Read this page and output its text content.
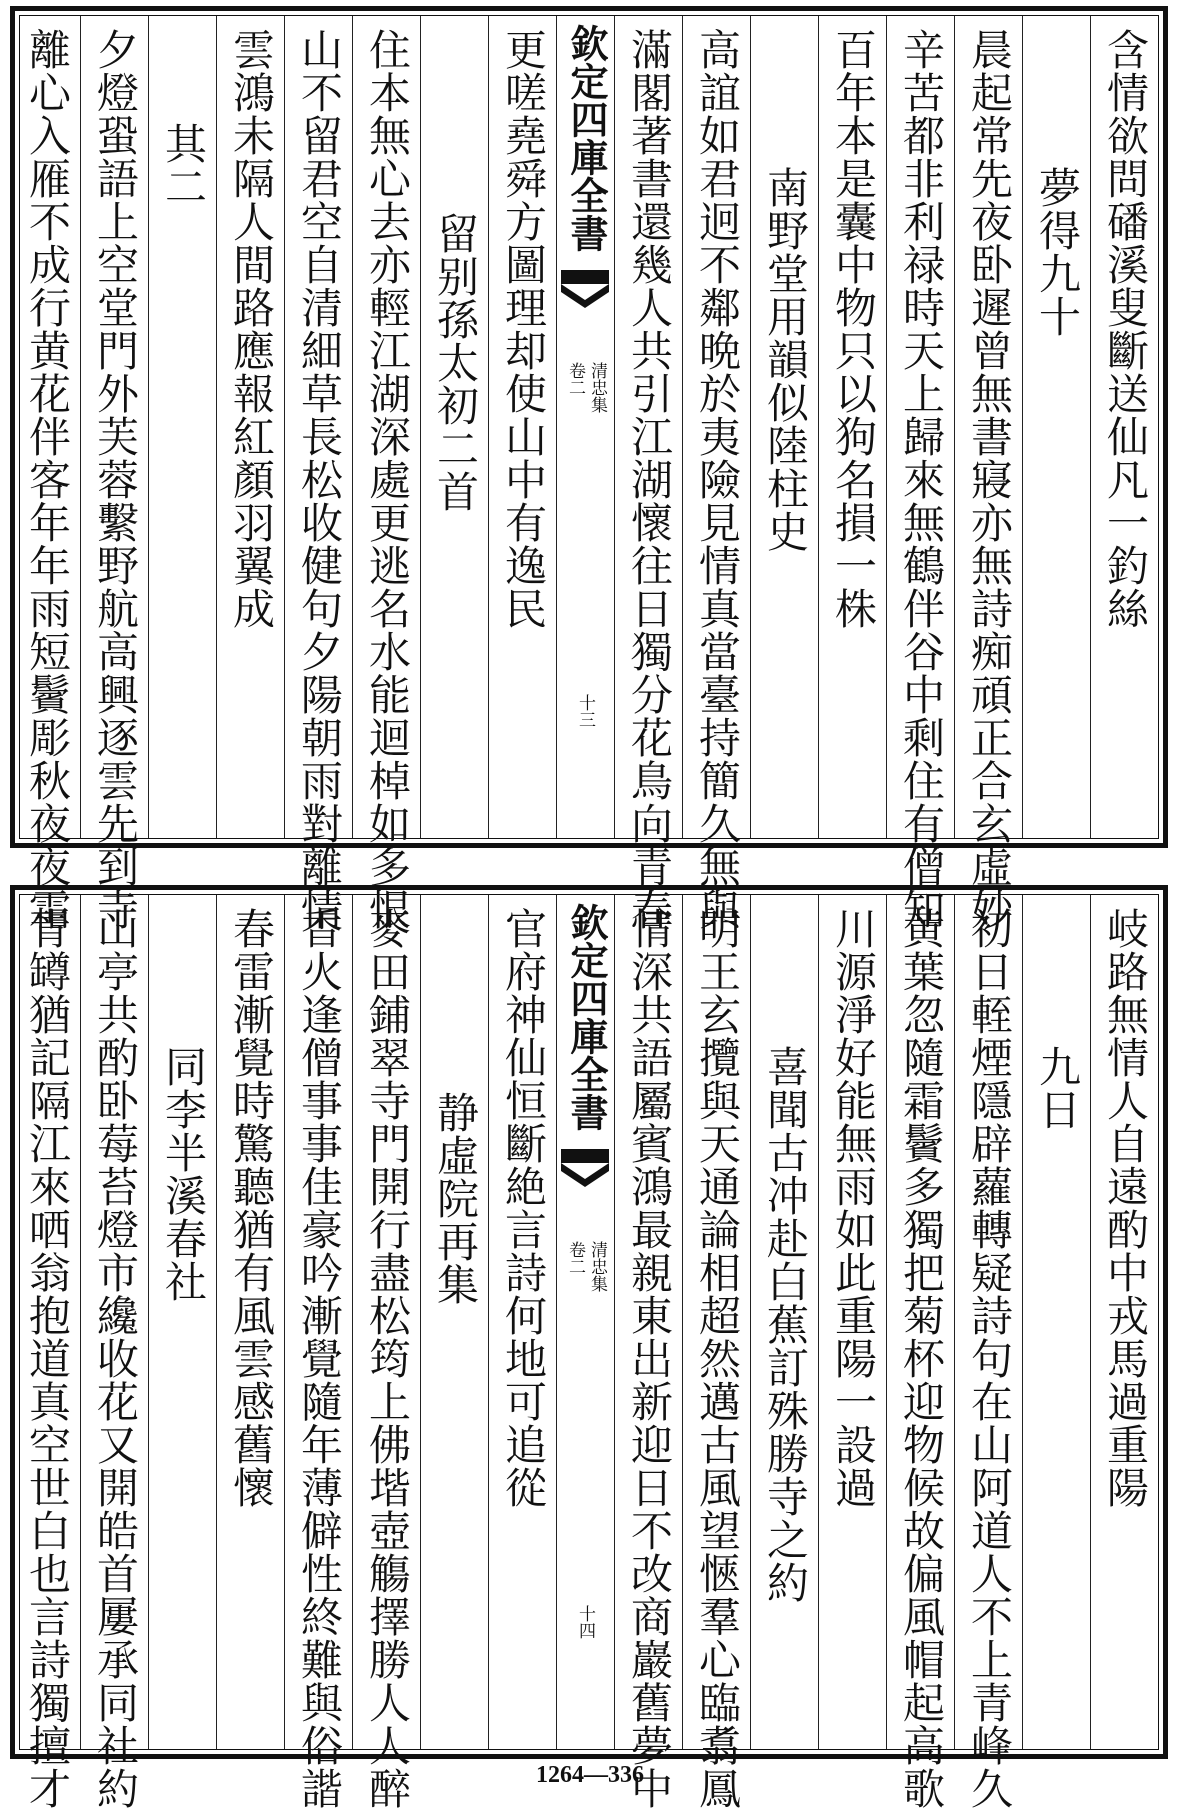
含情欲問磻溪叟斷送仙凡一釣絲
夢得九十
晨起常先夜卧遲曾無書寢亦無詩痴頑正合玄虛妙
辛苦都非利禄時天上歸來無鶴伴谷中剩住有僧知
百年本是囊中物只以狗名損一株
南野堂用韻似陸柱史
高誼如君迥不鄰晩於夷險見情真當臺持簡久無與
滿閣著書還幾人共引江湖懷往日獨分花鳥向青春
欽定四庫全書
清忠集
卷二
十三
更嗟堯舜方圖理却使山中有逸民
留别孫太初二首
住本無心去亦輕江湖深處更逃名水能迴棹如多恨
山不留君空自清細草長松收健句夕陽朝雨對離情
雲鴻未隔人間路應報紅顏羽翼成
其二
夕燈蛩語上空堂門外芙蓉繫野航高興逐雲先到寺
離心入雁不成行黄花伴客年年雨短鬢彫秋夜夜霜
岐路無情人自遠酌中戎馬過重陽
九日
初日輊煙隱辟蘿轉疑詩句在山阿道人不上青峰久
黄葉忽隨霜鬢多獨把菊杯迎物候故偏風帽起高歌
川源淨好能無雨如此重陽一設過
喜聞古冲赴白蕉訂殊勝寺之約
明王玄攬與天通論相超然邁古風望愜羣心臨翥鳳
情深共語屬賓鴻最親東出新迎日不改商巖舊夢中
欽定四庫全書
清忠集
卷二
十四
官府神仙恒斷絶言詩何地可追從
静虛院再集
麥田鋪翠寺門開行盡松筠上佛堦壺觴擇勝人人醉
香火逢僧事事佳豪吟漸覺隨年薄僻性終難與俗諧
春雷漸覺時驚聽猶有風雲感舊懷
同李半溪春社
山亭共酌卧莓苔燈市纔收花又開皓首屢承同社約
青罇猶記隔江來哂翁抱道真空世白也言詩獨擅才	1264—336
